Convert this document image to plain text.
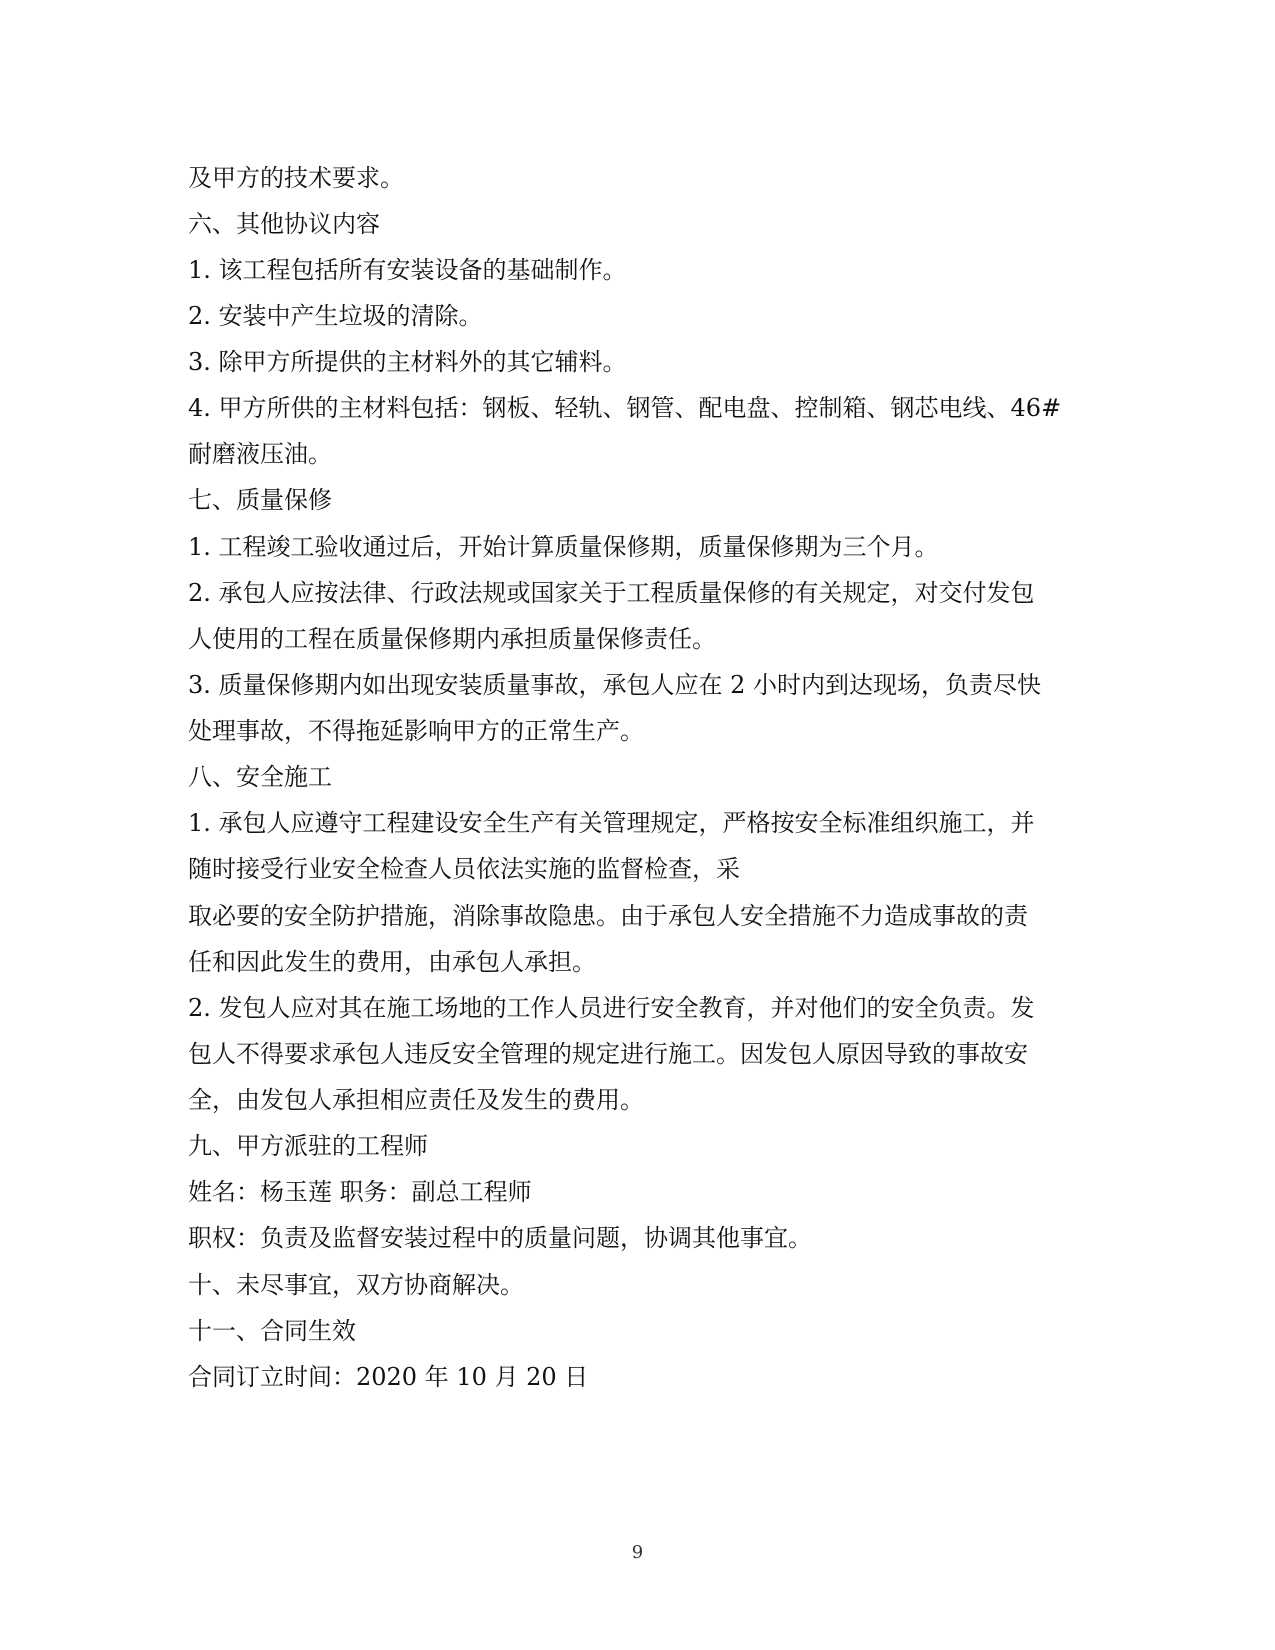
及甲方的技术要求。
六、其他协议内容
1. 该工程包括所有安装设备的基础制作。
2. 安装中产生垃圾的清除。
3. 除甲方所提供的主材料外的其它辅料。
4. 甲方所供的主材料包括：钢板、轻轨、钢管、配电盘、控制箱、钢芯电线、46#
耐磨液压油。
七、质量保修
1. 工程竣工验收通过后，开始计算质量保修期，质量保修期为三个月。
2. 承包人应按法律、行政法规或国家关于工程质量保修的有关规定，对交付发包
人使用的工程在质量保修期内承担质量保修责任。
3. 质量保修期内如出现安装质量事故，承包人应在 2 小时内到达现场，负责尽快
处理事故，不得拖延影响甲方的正常生产。
八、安全施工
1. 承包人应遵守工程建设安全生产有关管理规定，严格按安全标准组织施工，并
随时接受行业安全检查人员依法实施的监督检查，采
取必要的安全防护措施，消除事故隐患。由于承包人安全措施不力造成事故的责
任和因此发生的费用，由承包人承担。
2. 发包人应对其在施工场地的工作人员进行安全教育，并对他们的安全负责。发
包人不得要求承包人违反安全管理的规定进行施工。因发包人原因导致的事故安
全，由发包人承担相应责任及发生的费用。
九、甲方派驻的工程师
姓名：杨玉莲 职务：副总工程师
职权：负责及监督安装过程中的质量问题，协调其他事宜。
十、未尽事宜，双方协商解决。
十一、合同生效
合同订立时间：2020 年 10 月 20 日
9
